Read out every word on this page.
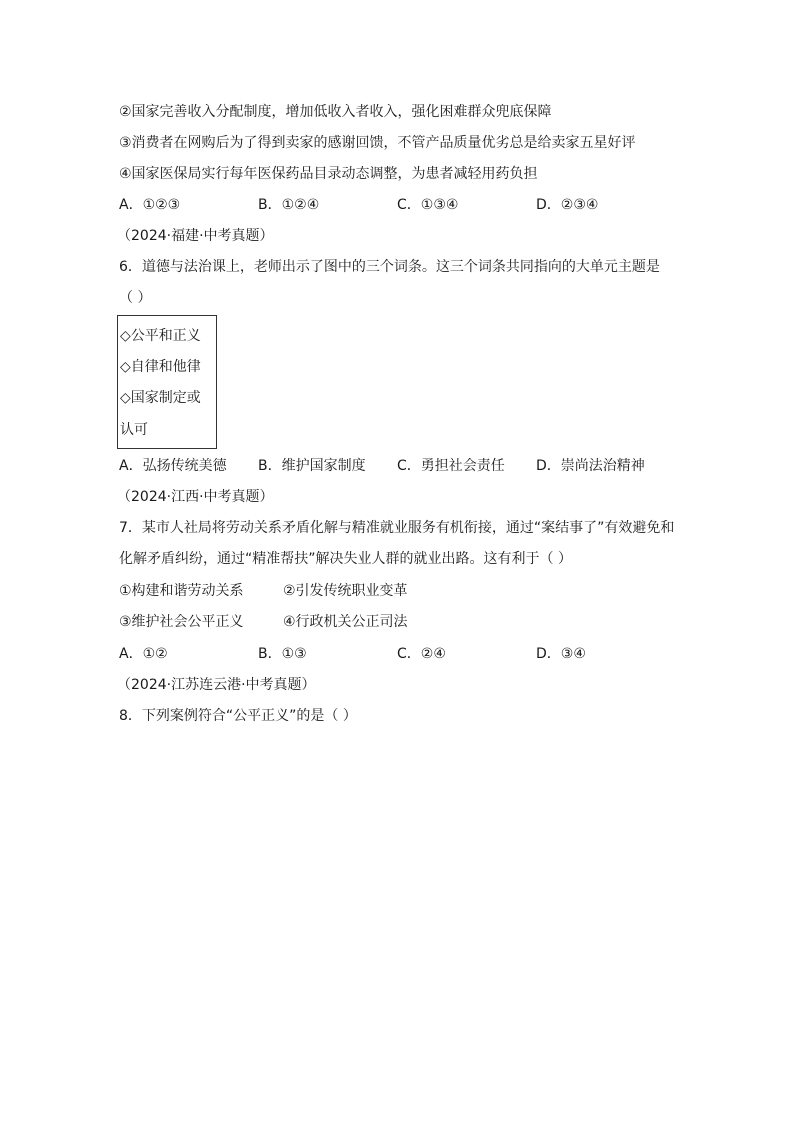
②国家完善收入分配制度，增加低收入者收入，强化困难群众兜底保障
③消费者在网购后为了得到卖家的感谢回馈，不管产品质量优劣总是给卖家五星好评
④国家医保局实行每年医保药品目录动态调整，为患者减轻用药负担
A．①②③	B．①②④	C．①③④	D．②③④
（2024·福建·中考真题）
6．道德与法治课上，老师出示了图中的三个词条。这三个词条共同指向的大单元主题是
（ ）
◇公平和正义
◇自律和他律
◇国家制定或
认可
A．弘扬传统美德 B．维护国家制度 C．勇担社会责任 D．崇尚法治精神
（2024·江西·中考真题）
7．某市人社局将劳动关系矛盾化解与精准就业服务有机衔接，通过“案结事了”有效避免和
化解矛盾纠纷，通过“精准帮扶”解决失业人群的就业出路。这有利于（ ）
①构建和谐劳动关系	②引发传统职业变革
③维护社会公平正义	④行政机关公正司法
A．①②	B．①③	C．②④	D．③④
（2024·江苏连云港·中考真题）
8．下列案例符合“公平正义”的是（ ）
